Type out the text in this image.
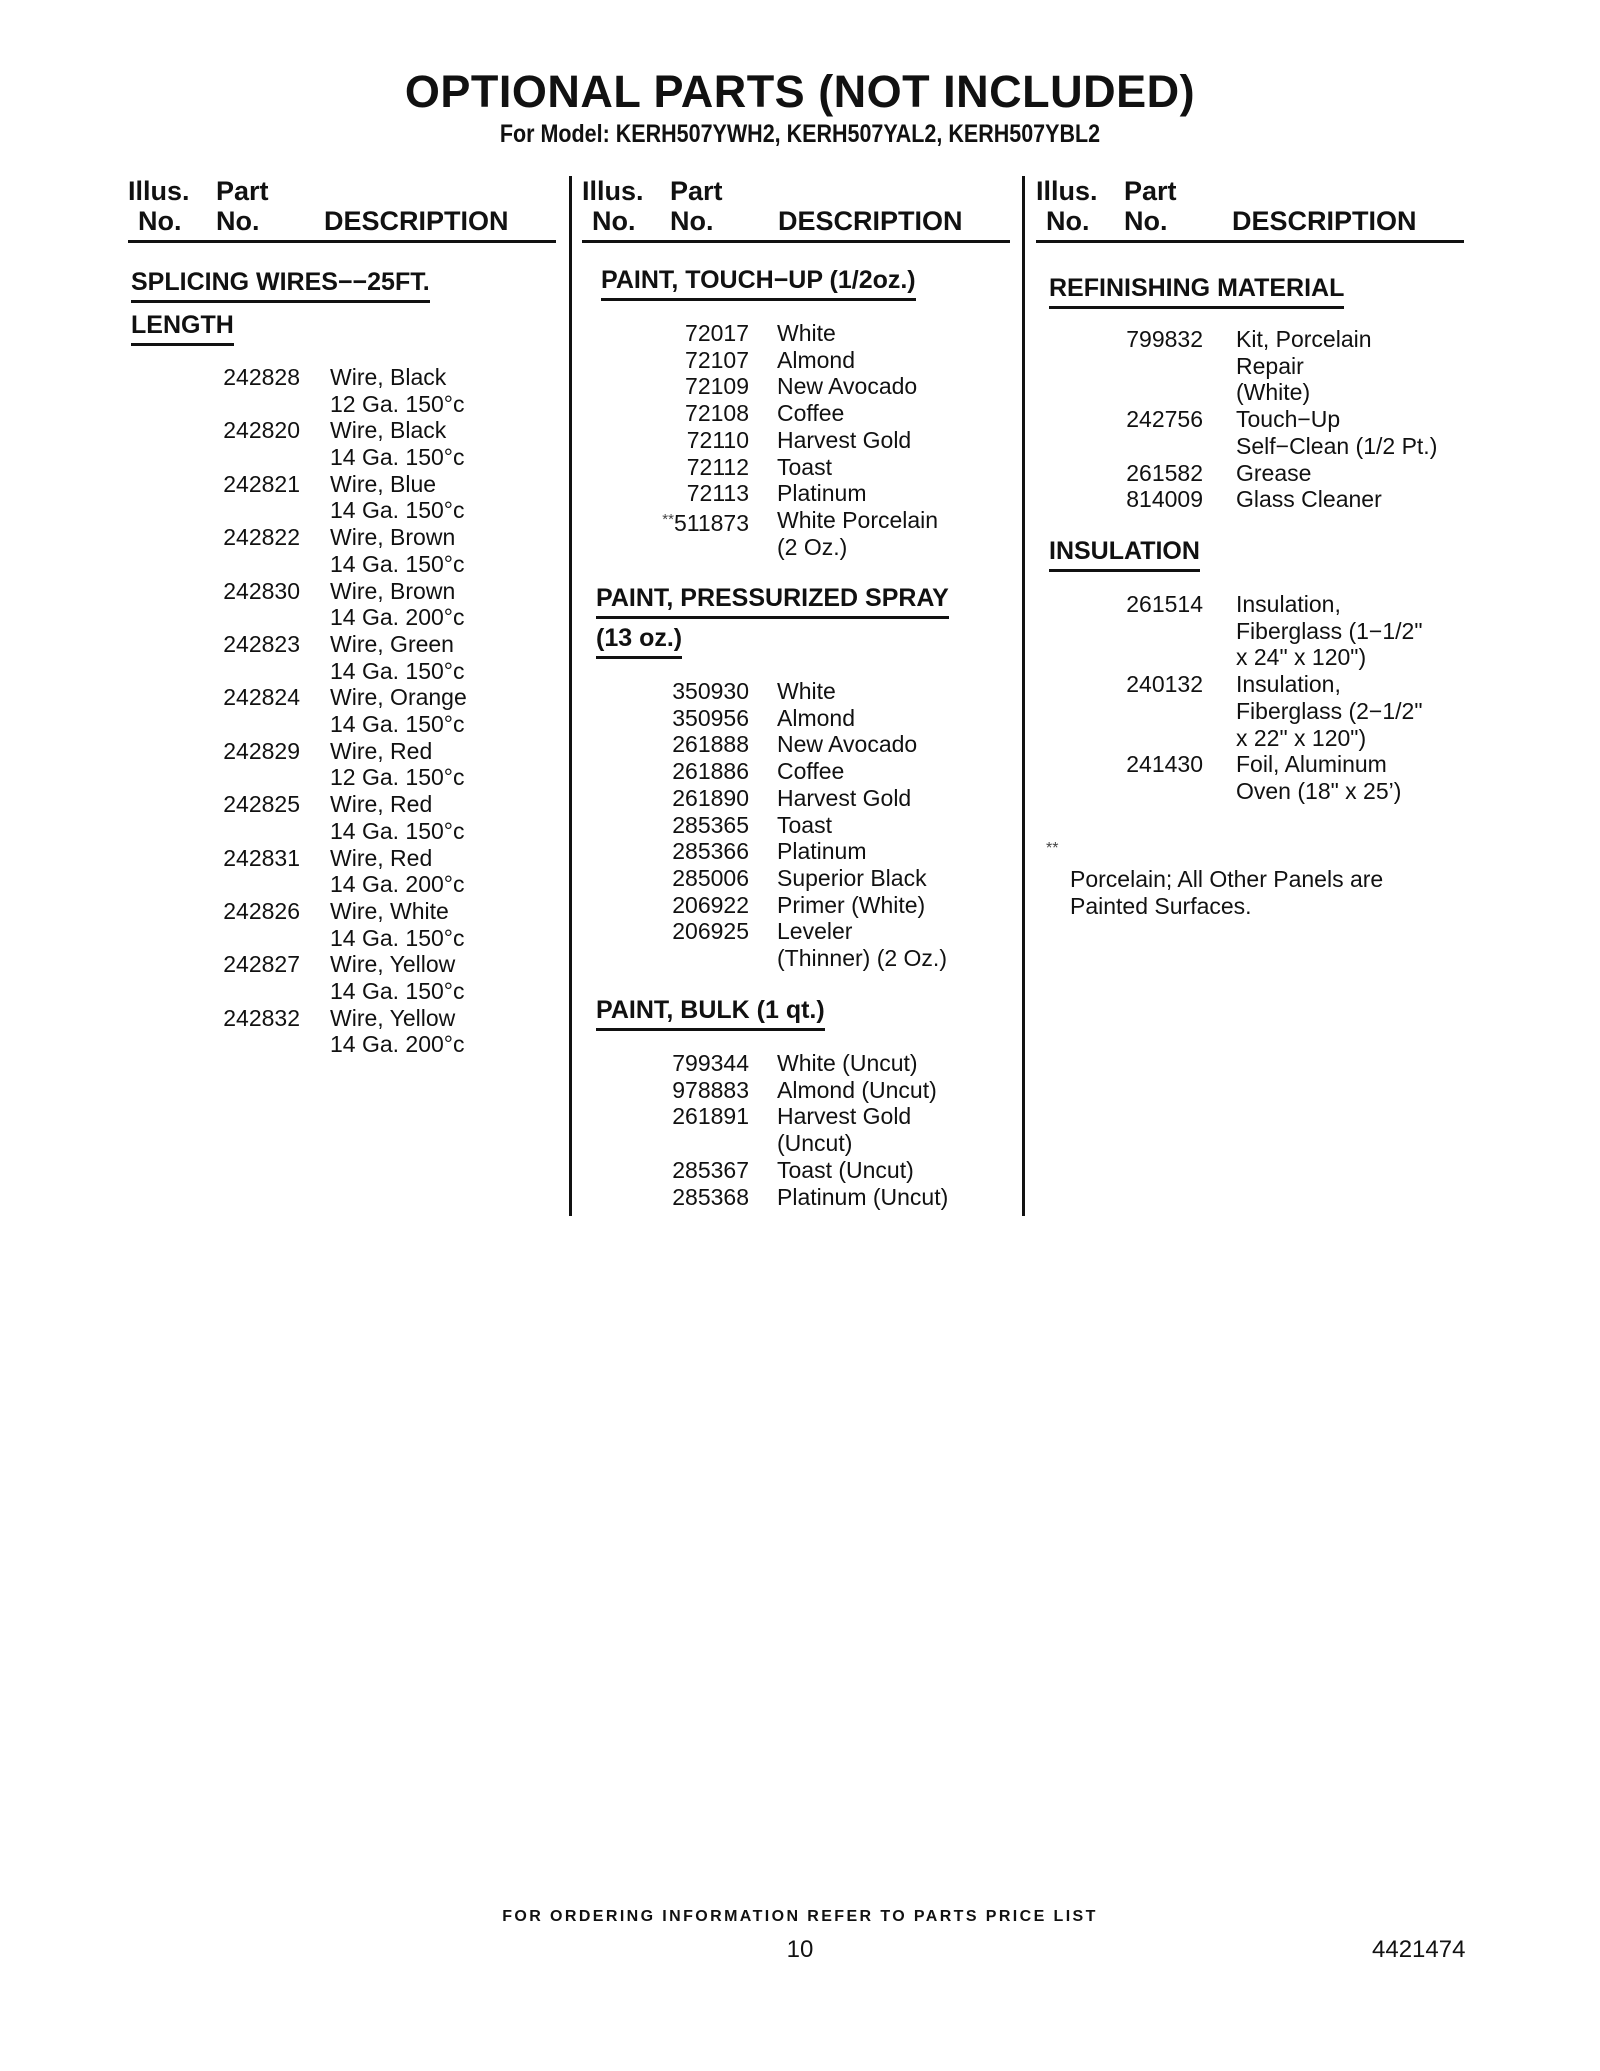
OPTIONAL PARTS (NOT INCLUDED)
For Model: KERH507YWH2, KERH507YAL2, KERH507YBL2
Illus.
No.
Part
No. DESCRIPTION
Illus.
No.
Part
No. DESCRIPTION
Illus.
No.
Part
No. DESCRIPTION
SPLICING WIRES−−25FT.
LENGTH
242828 Wire, Black
12 Ga. 150°c
242820 Wire, Black
14 Ga. 150°c
242821 Wire, Blue
14 Ga. 150°c
242822 Wire, Brown
14 Ga. 150°c
242830 Wire, Brown
14 Ga. 200°c
242823 Wire, Green
14 Ga. 150°c
242824 Wire, Orange
14 Ga. 150°c
242829 Wire, Red
12 Ga. 150°c
242825 Wire, Red
14 Ga. 150°c
242831 Wire, Red
14 Ga. 200°c
242826 Wire, White
14 Ga. 150°c
242827 Wire, Yellow
14 Ga. 150°c
242832 Wire, Yellow
14 Ga. 200°c
PAINT, TOUCH−UP (1/2oz.)
72017 White
72107 Almond
72109 New Avocado
72108 Coffee
72110 Harvest Gold
72112 Toast
72113 Platinum
**511873 White Porcelain
(2 Oz.)
PAINT, PRESSURIZED SPRAY
(13 oz.)
350930 White
350956 Almond
261888 New Avocado
261886 Coffee
261890 Harvest Gold
285365 Toast
285366 Platinum
285006 Superior Black
206922 Primer (White)
206925 Leveler
(Thinner) (2 Oz.)
PAINT, BULK (1 qt.)
799344 White (Uncut)
978883 Almond (Uncut)
261891 Harvest Gold
(Uncut)
285367 Toast (Uncut)
285368 Platinum (Uncut)
REFINISHING MATERIAL
799832 Kit, Porcelain
Repair
(White)
242756 Touch−Up
Self−Clean (1/2 Pt.)
261582 Grease
814009 Glass Cleaner
INSULATION
261514 Insulation,
Fiberglass (1−1/2"
x 24" x 120")
240132 Insulation,
Fiberglass (2−1/2"
x 22" x 120")
241430 Foil, Aluminum
Oven (18" x 25’)
**
Porcelain; All Other Panels are
Painted Surfaces.
FOR ORDERING INFORMATION REFER TO PARTS PRICE LIST
10	4421474
